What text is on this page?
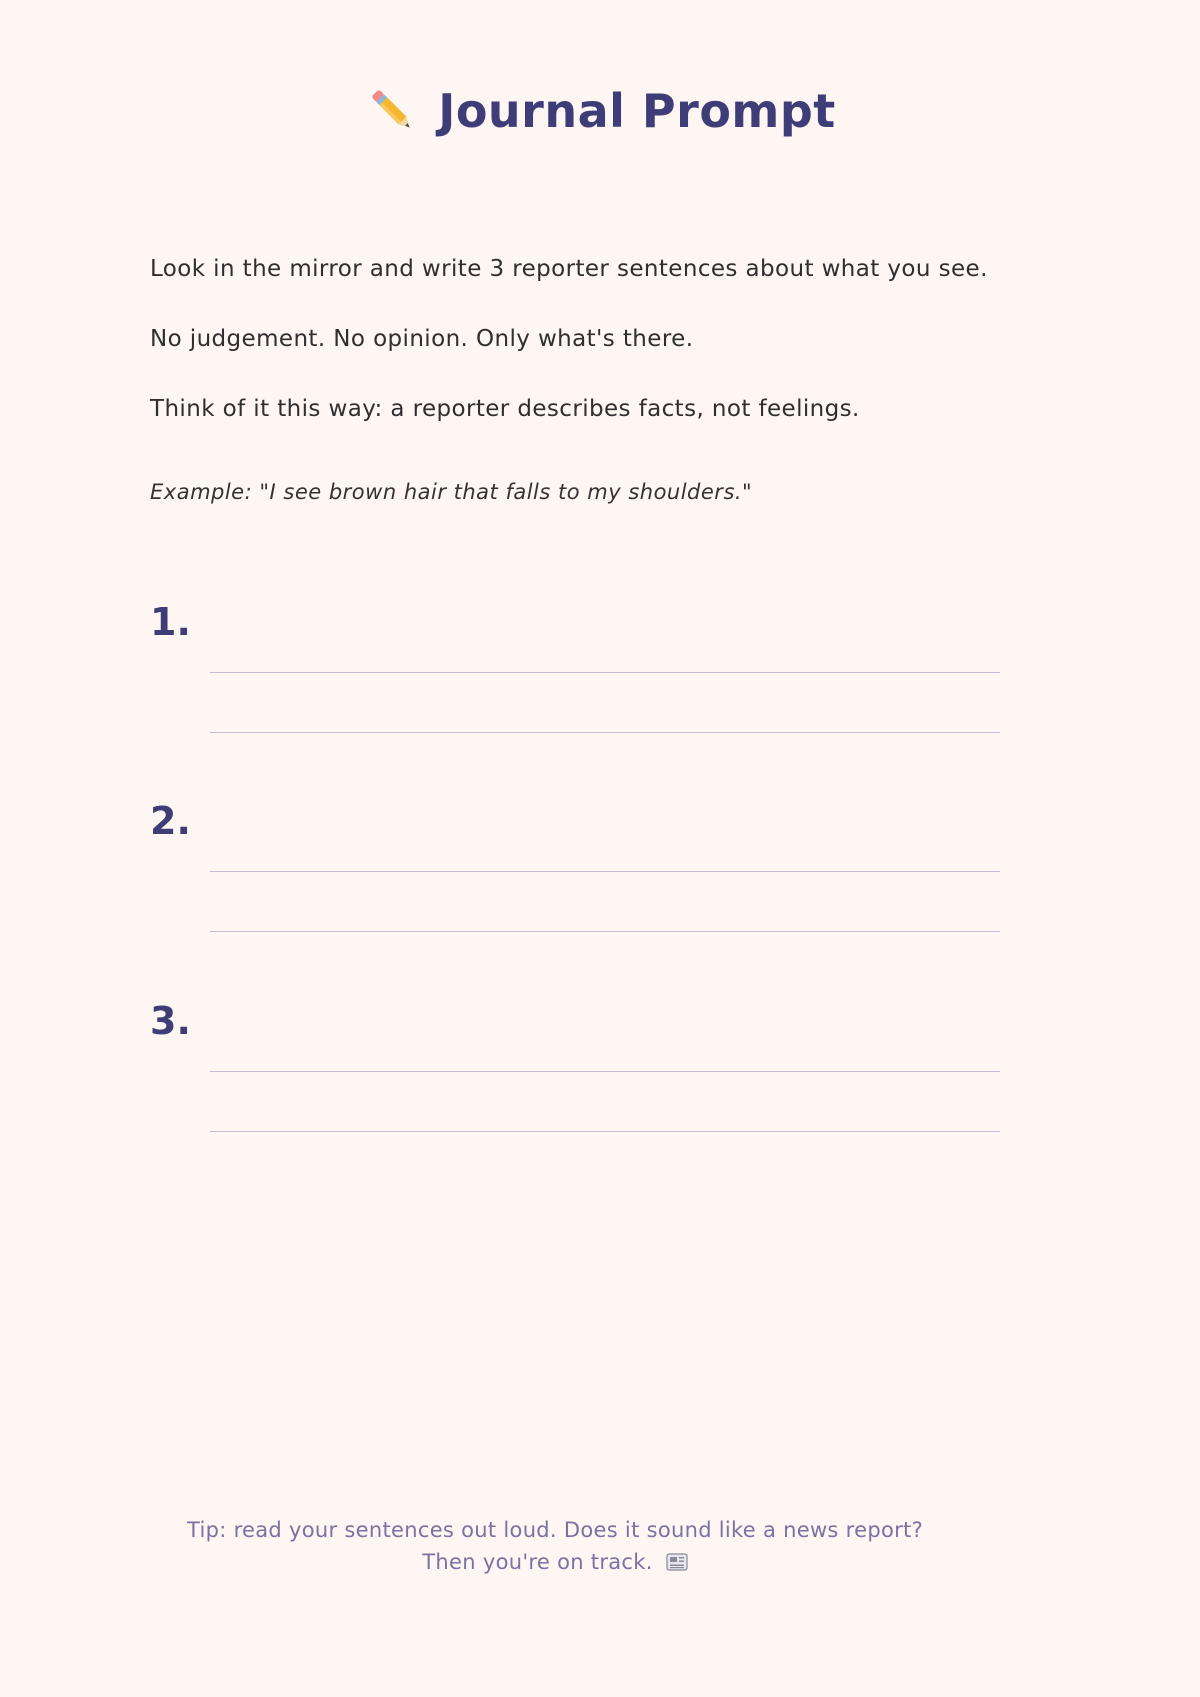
Journal Prompt
Look in the mirror and write 3 reporter sentences about what you see.
No judgement. No opinion. Only what's there.
Think of it this way: a reporter describes facts, not feelings.
Example: "I see brown hair that falls to my shoulders."
1.
2.
3.
Tip: read your sentences out loud. Does it sound like a news report? Then you're on track.
